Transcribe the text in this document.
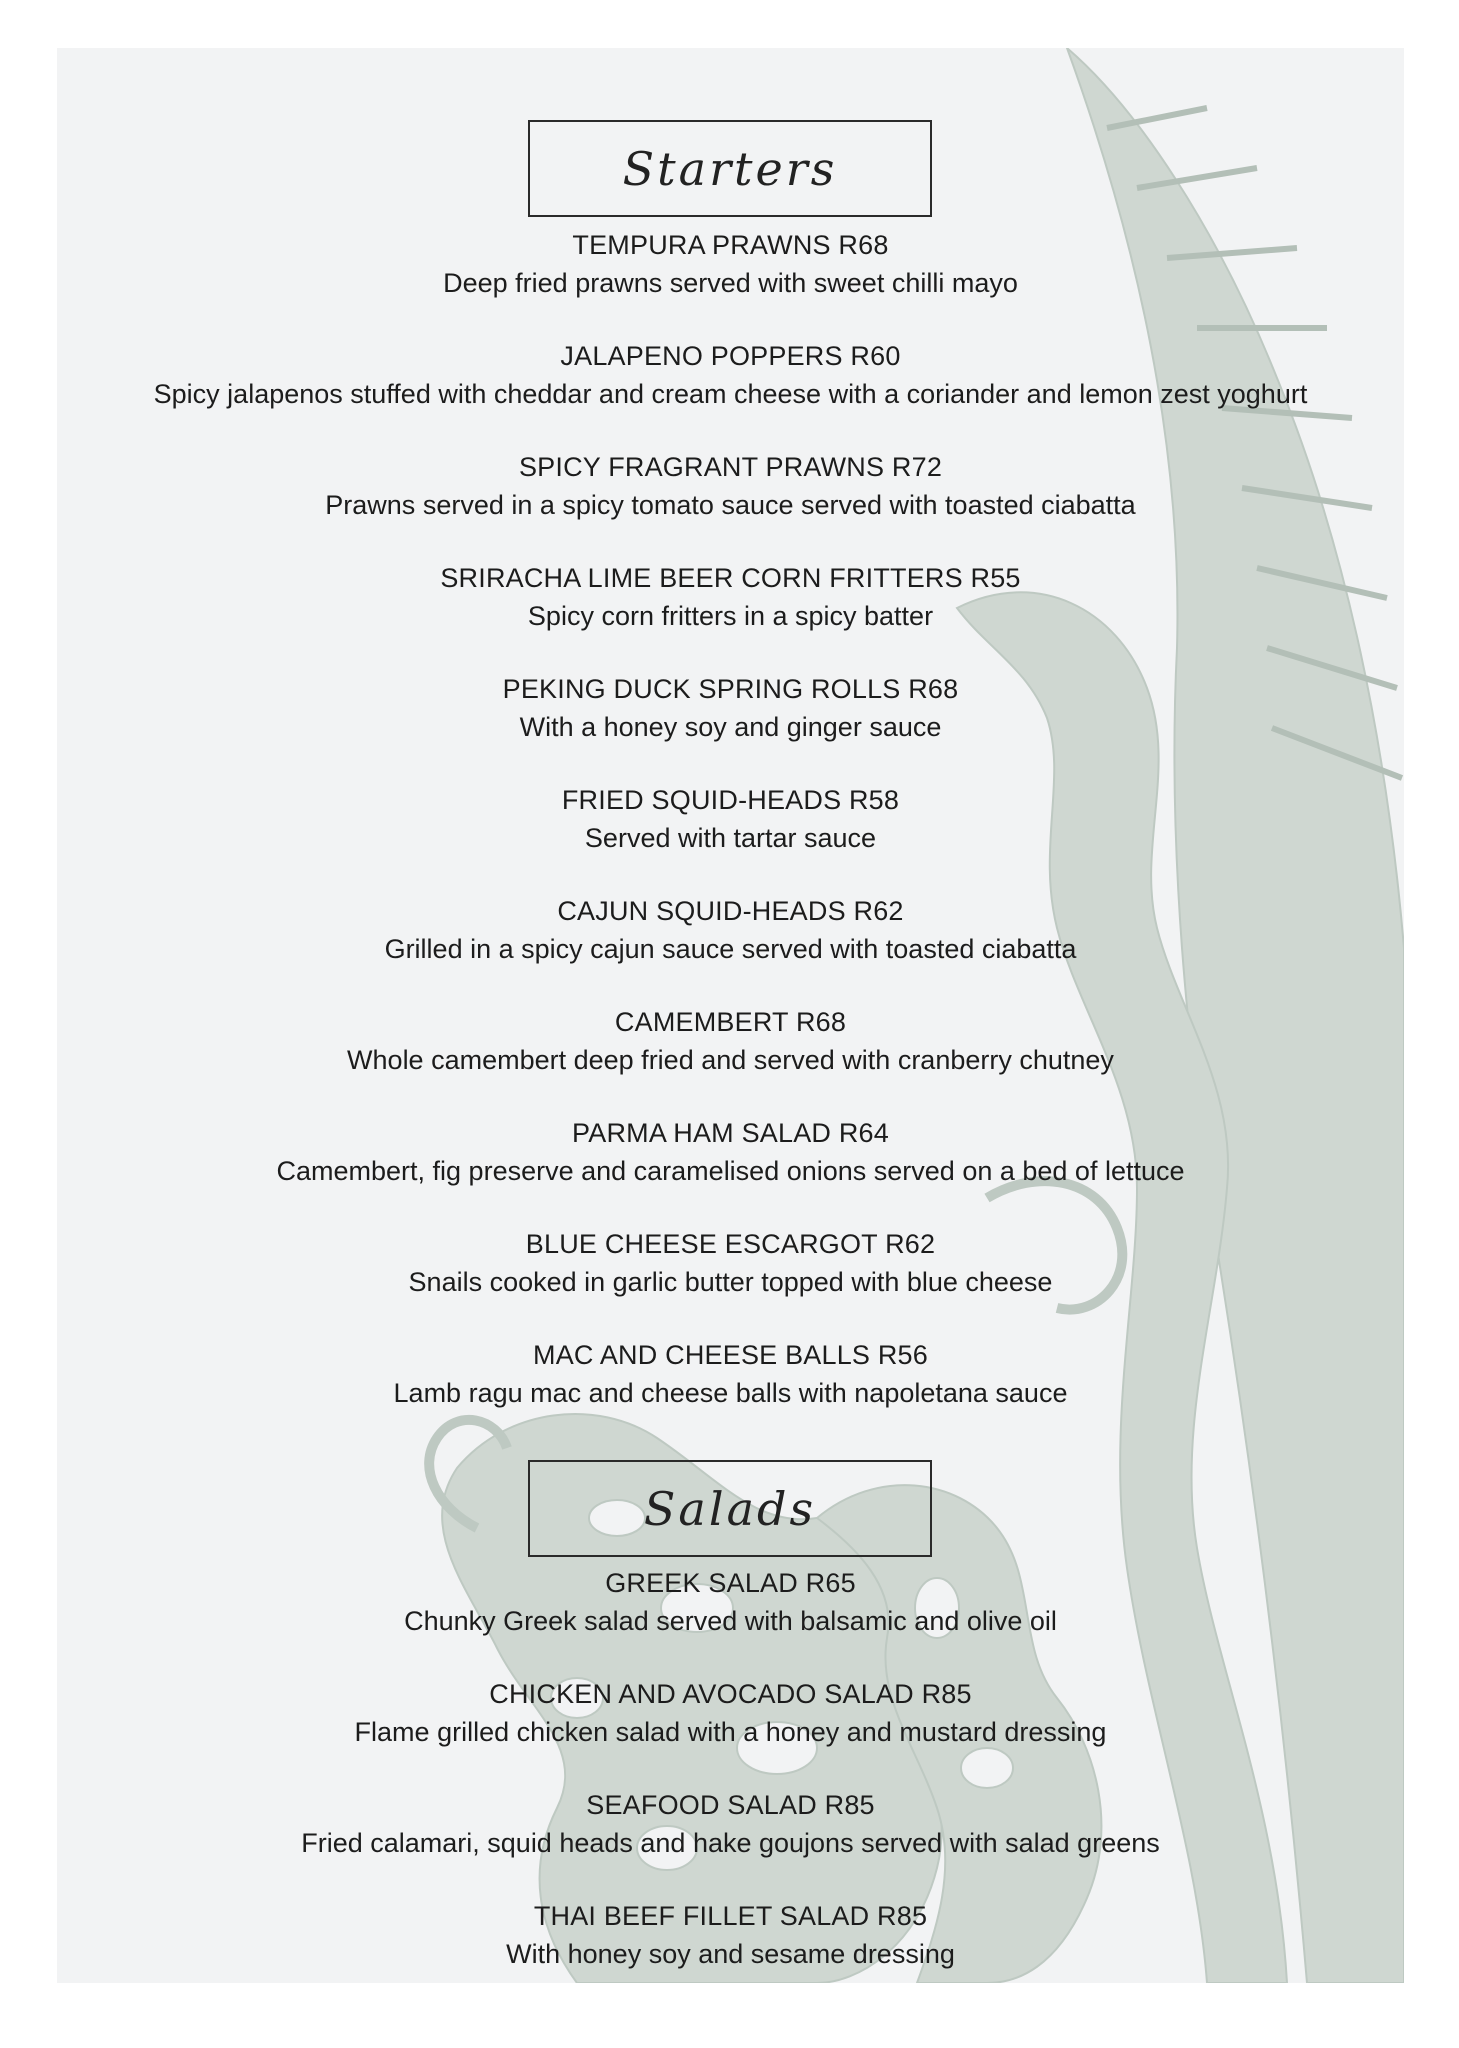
Starters
TEMPURA PRAWNS R68
Deep fried prawns served with sweet chilli mayo
JALAPENO POPPERS R60
Spicy jalapenos stuffed with cheddar and cream cheese with a coriander and lemon zest yoghurt
SPICY FRAGRANT PRAWNS R72
Prawns served in a spicy tomato sauce served with toasted ciabatta
SRIRACHA LIME BEER CORN FRITTERS R55
Spicy corn fritters in a spicy batter
PEKING DUCK SPRING ROLLS R68
With a honey soy and ginger sauce
FRIED SQUID-HEADS R58
Served with tartar sauce
CAJUN SQUID-HEADS R62
Grilled in a spicy cajun sauce served with toasted ciabatta
CAMEMBERT R68
Whole camembert deep fried and served with cranberry chutney
PARMA HAM SALAD R64
Camembert, fig preserve and caramelised onions served on a bed of lettuce
BLUE CHEESE ESCARGOT R62
Snails cooked in garlic butter topped with blue cheese
MAC AND CHEESE BALLS R56
Lamb ragu mac and cheese balls with napoletana sauce
Salads
GREEK SALAD R65
Chunky Greek salad served with balsamic and olive oil
CHICKEN AND AVOCADO SALAD R85
Flame grilled chicken salad with a honey and mustard dressing
SEAFOOD SALAD R85
Fried calamari, squid heads and hake goujons served with salad greens
THAI BEEF FILLET SALAD R85
With honey soy and sesame dressing
